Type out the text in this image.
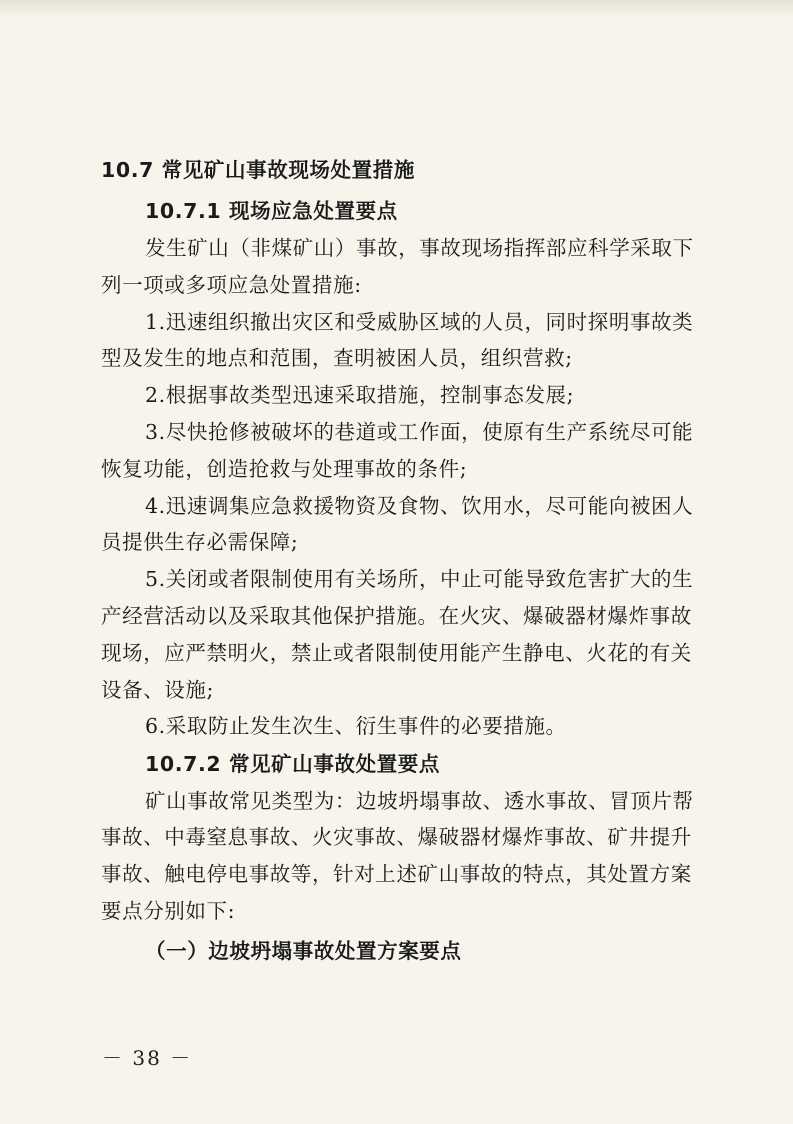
10.7 常见矿山事故现场处置措施
10.7.1 现场应急处置要点
发生矿山（非煤矿山）事故，事故现场指挥部应科学采取下
列一项或多项应急处置措施:
1.迅速组织撤出灾区和受威胁区域的人员，同时探明事故类
型及发生的地点和范围，查明被困人员，组织营救;
2.根据事故类型迅速采取措施，控制事态发展;
3.尽快抢修被破坏的巷道或工作面，使原有生产系统尽可能
恢复功能，创造抢救与处理事故的条件;
4.迅速调集应急救援物资及食物、饮用水，尽可能向被困人
员提供生存必需保障;
5.关闭或者限制使用有关场所，中止可能导致危害扩大的生
产经营活动以及采取其他保护措施。在火灾、爆破器材爆炸事故
现场，应严禁明火，禁止或者限制使用能产生静电、火花的有关
设备、设施;
6.采取防止发生次生、衍生事件的必要措施。
10.7.2 常见矿山事故处置要点
矿山事故常见类型为：边坡坍塌事故、透水事故、冒顶片帮
事故、中毒窒息事故、火灾事故、爆破器材爆炸事故、矿井提升
事故、触电停电事故等，针对上述矿山事故的特点，其处置方案
要点分别如下:
（一）边坡坍塌事故处置方案要点
－ 38 －
